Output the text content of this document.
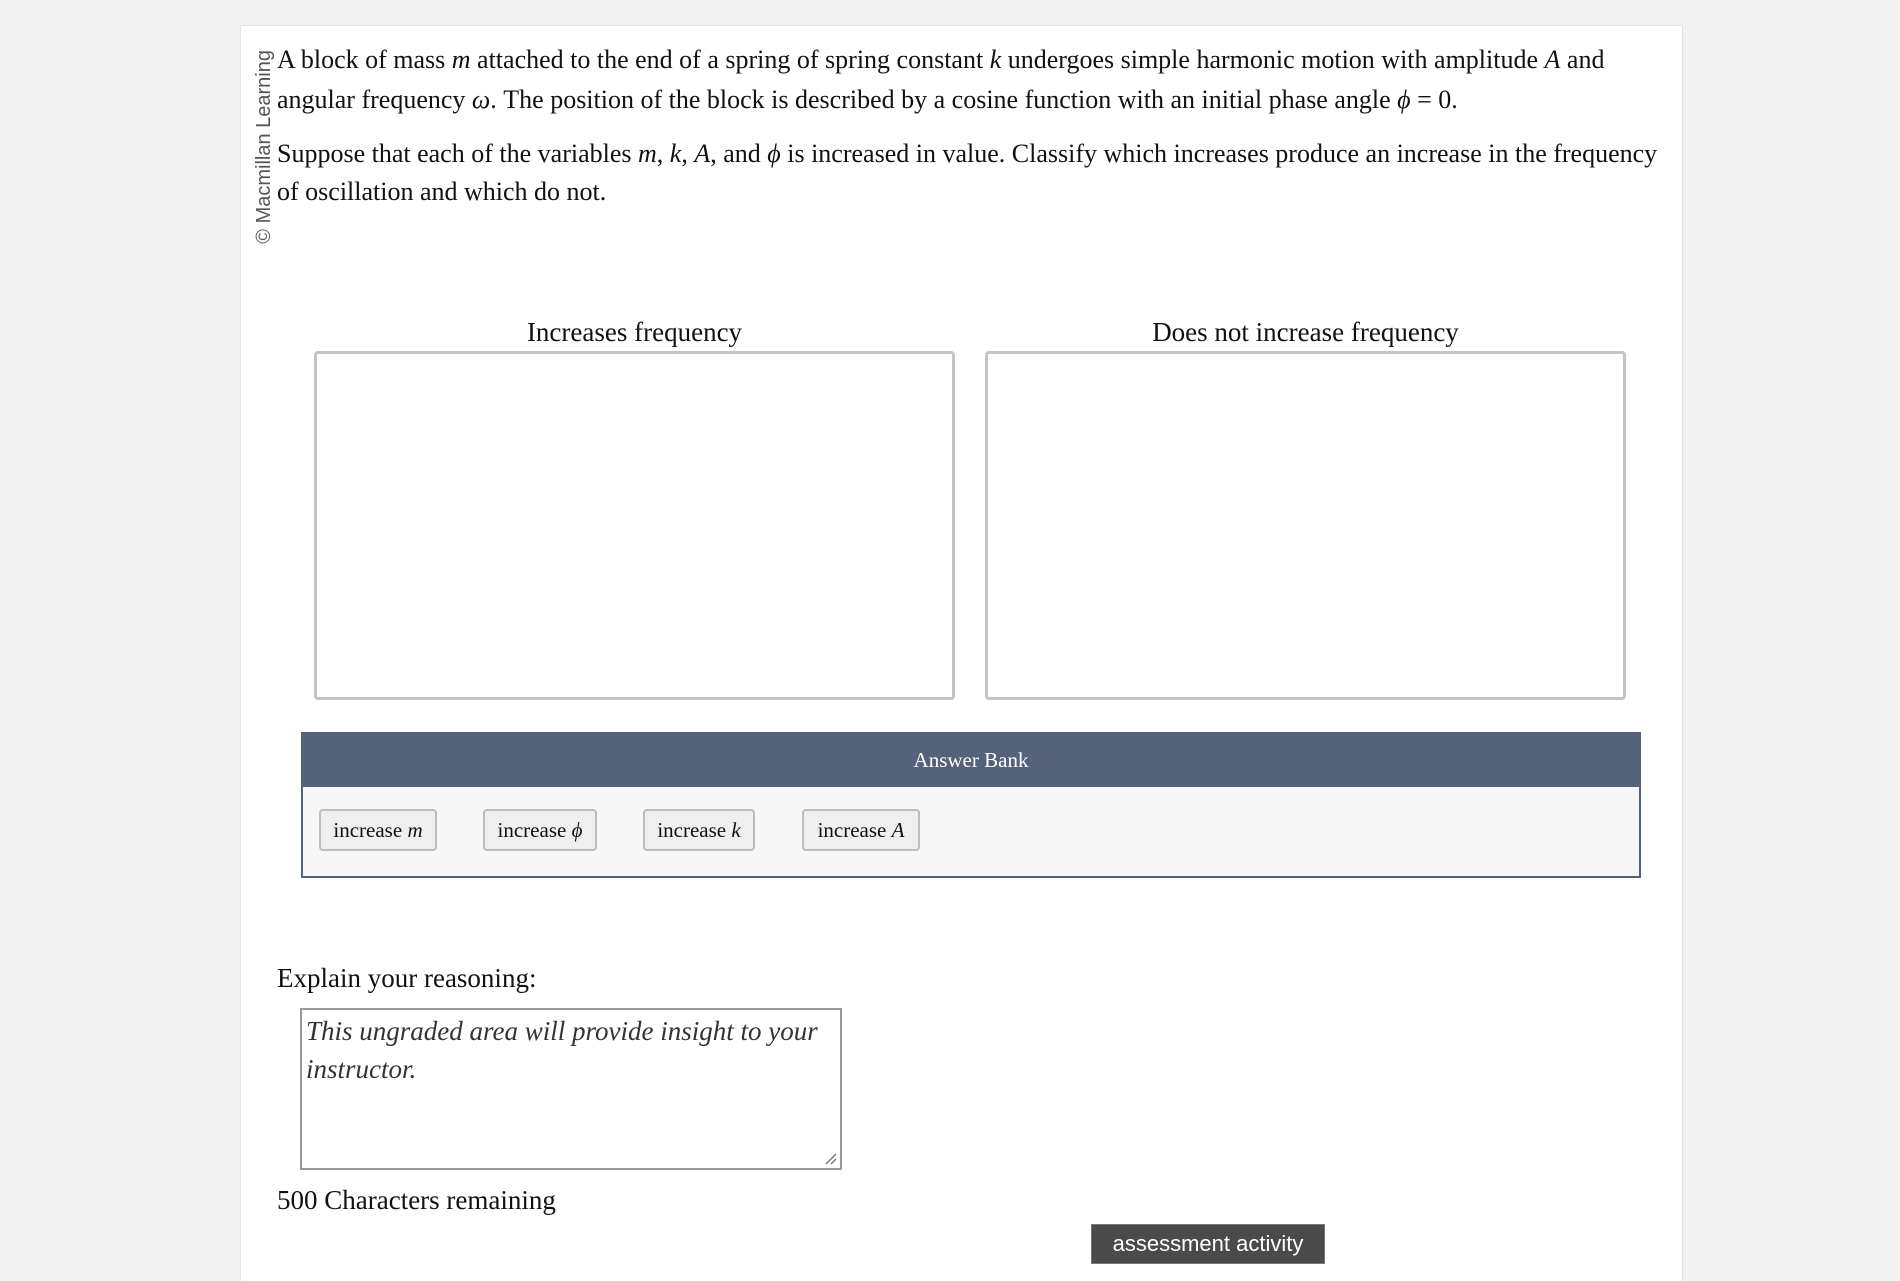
© Macmillan Learning A block of mass m attached to the end of a spring of spring constant k undergoes simple harmonic motion with amplitude A and angular frequency ω. The position of the block is described by a cosine function with an initial phase angle ϕ = 0.

Suppose that each of the variables m, k, A, and ϕ is increased in value. Classify which increases produce an increase in the frequency of oscillation and which do not.

Increases frequency	Does not increase frequency
Answer Bank
increase m	increase ϕ	increase k	increase A
Explain your reasoning:
This ungraded area will provide insight to your instructor.
500 Characters remaining
assessment activity
